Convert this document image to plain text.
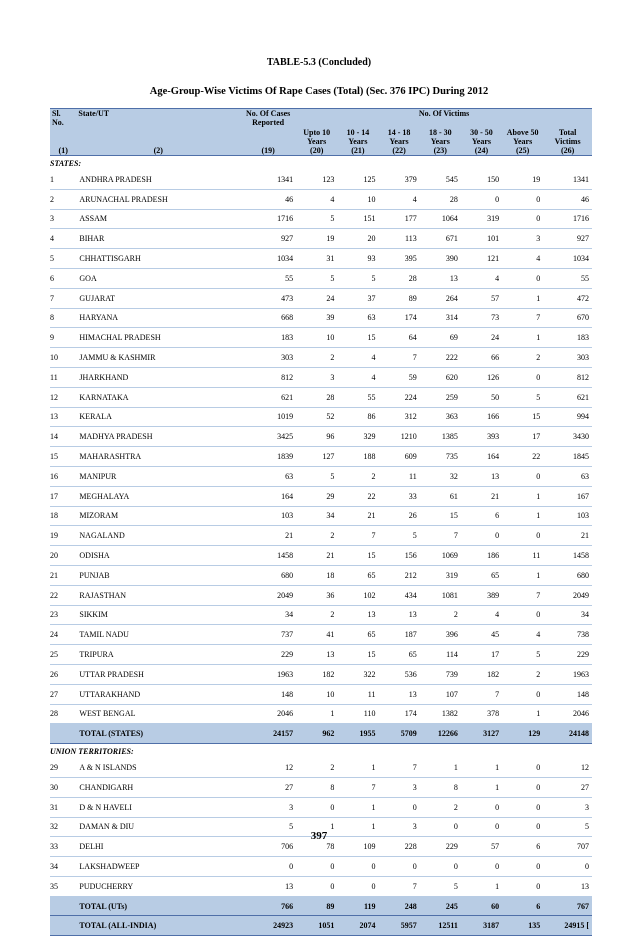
TABLE-5.3 (Concluded)
Age-Group-Wise Victims Of Rape Cases (Total) (Sec. 376 IPC) During 2012
Sl. No.	State/UT	No. Of Cases Reported	No. Of Victims						
			Upto 10 Years	10 - 14 Years	14 - 18 Years	18 - 30 Years	30 - 50 Years	Above 50 Years	Total Victims
(1)	(2)	(19)	(20)	(21)	(22)	(23)	(24)	(25)	(26)
STATES:									
1	ANDHRA PRADESH	1341	123	125	379	545	150	19	1341
2	ARUNACHAL PRADESH	46	4	10	4	28	0	0	46
3	ASSAM	1716	5	151	177	1064	319	0	1716
4	BIHAR	927	19	20	113	671	101	3	927
5	CHHATTISGARH	1034	31	93	395	390	121	4	1034
6	GOA	55	5	5	28	13	4	0	55
7	GUJARAT	473	24	37	89	264	57	1	472
8	HARYANA	668	39	63	174	314	73	7	670
9	HIMACHAL PRADESH	183	10	15	64	69	24	1	183
10	JAMMU & KASHMIR	303	2	4	7	222	66	2	303
11	JHARKHAND	812	3	4	59	620	126	0	812
12	KARNATAKA	621	28	55	224	259	50	5	621
13	KERALA	1019	52	86	312	363	166	15	994
14	MADHYA PRADESH	3425	96	329	1210	1385	393	17	3430
15	MAHARASHTRA	1839	127	188	609	735	164	22	1845
16	MANIPUR	63	5	2	11	32	13	0	63
17	MEGHALAYA	164	29	22	33	61	21	1	167
18	MIZORAM	103	34	21	26	15	6	1	103
19	NAGALAND	21	2	7	5	7	0	0	21
20	ODISHA	1458	21	15	156	1069	186	11	1458
21	PUNJAB	680	18	65	212	319	65	1	680
22	RAJASTHAN	2049	36	102	434	1081	389	7	2049
23	SIKKIM	34	2	13	13	2	4	0	34
24	TAMIL NADU	737	41	65	187	396	45	4	738
25	TRIPURA	229	13	15	65	114	17	5	229
26	UTTAR PRADESH	1963	182	322	536	739	182	2	1963
27	UTTARAKHAND	148	10	11	13	107	7	0	148
28	WEST BENGAL	2046	1	110	174	1382	378	1	2046
	TOTAL (STATES)	24157	962	1955	5709	12266	3127	129	24148
UNION TERRITORIES:									
29	A & N ISLANDS	12	2	1	7	1	1	0	12
30	CHANDIGARH	27	8	7	3	8	1	0	27
31	D & N HAVELI	3	0	1	0	2	0	0	3
32	DAMAN & DIU	5	1	1	3	0	0	0	5
33	DELHI	706	78	109	228	229	57	6	707
34	LAKSHADWEEP	0	0	0	0	0	0	0	0
35	PUDUCHERRY	13	0	0	7	5	1	0	13
	TOTAL (UTs)	766	89	119	248	245	60	6	767
	TOTAL (ALL-INDIA)	24923	1051	2074	5957	12511	3187	135	24915 [
397
